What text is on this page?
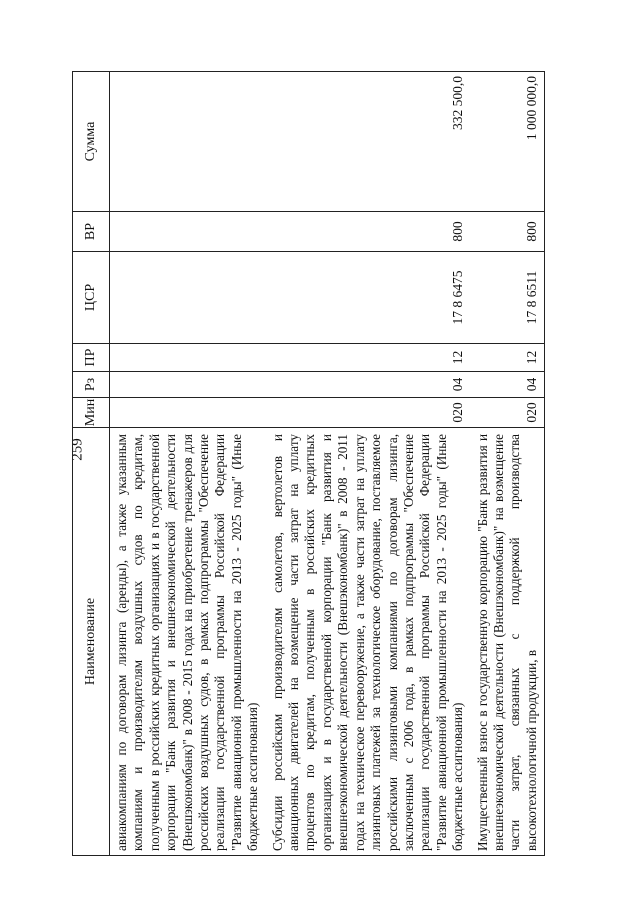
259
Наименование	Мин	Рз	ПР	ЦСР	ВР	Сумма
авиакомпаниям по договорам лизинга (аренды), а также указанным компаниям и производителям воздушных судов по кредитам, полученным в российских кредитных организациях и в государственной корпорации "Банк развития и внешнеэкономической деятельности (Внешэкономбанк)" в 2008 - 2015 годах на приобретение тренажеров для российских воздушных судов, в рамках подпрограммы "Обеспечение реализации государственной программы Российской Федерации "Развитие авиационной промышленности на 2013 - 2025 годы" (Иные бюджетные ассигнования)						
Субсидии российским производителям самолетов, вертолетов и авиационных двигателей на возмещение части затрат на уплату процентов по кредитам, полученным в российских кредитных организациях и в государственной корпорации "Банк развития и внешнеэкономической деятельности (Внешэкономбанк)" в 2008 - 2011 годах на техническое перевооружение, а также части затрат на уплату лизинговых платежей за технологическое оборудование, поставляемое российскими лизинговыми компаниями по договорам лизинга, заключенным с 2006 года, в рамках подпрограммы "Обеспечение реализации государственной программы Российской Федерации "Развитие авиационной промышленности на 2013 - 2025 годы" (Иные бюджетные ассигнования)	020	04	12	17 8 6475	800	332 500,0
Имущественный взнос в государственную корпорацию "Банк развития и внешнеэкономической деятельности (Внешэкономбанк)" на возмещение части затрат, связанных с поддержкой производства высокотехнологичной продукции, в	020	04	12	17 8 6511	800	1 000 000,0
